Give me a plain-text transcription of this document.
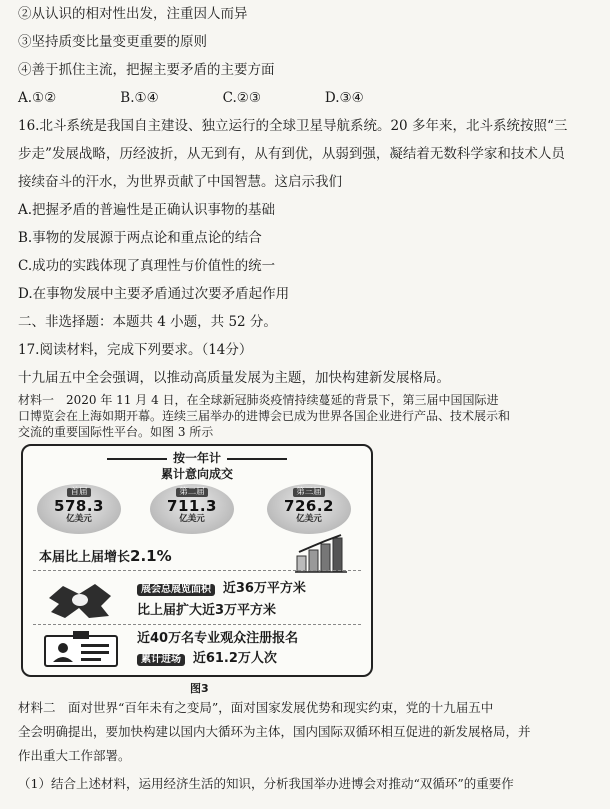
②从认识的相对性出发，注重因人而异
③坚持质变比量变更重要的原则
④善于抓住主流，把握主要矛盾的主要方面
A.①②	B.①④	C.②③	D.③④
16.北斗系统是我国自主建设、独立运行的全球卫星导航系统。20 多年来，北斗系统按照“三
步走”发展战略，历经波折，从无到有，从有到优，从弱到强，凝结着无数科学家和技术人员
接续奋斗的汗水，为世界贡献了中国智慧。这启示我们
A.把握矛盾的普遍性是正确认识事物的基础
B.事物的发展源于两点论和重点论的结合
C.成功的实践体现了真理性与价值性的统一
D.在事物发展中主要矛盾通过次要矛盾起作用
二、非选择题：本题共 4 小题，共 52 分。
17.阅读材料，完成下列要求。（14分）
十九届五中全会强调，以推动高质量发展为主题，加快构建新发展格局。
材料一　2020 年 11 月 4 日，在全球新冠肺炎疫情持续蔓延的背景下，第三届中国国际进
口博览会在上海如期开幕。连续三届举办的进博会已成为世界各国企业进行产品、技术展示和
交流的重要国际性平台。如图 3 所示
按一年计
累计意向成交
首届
578.3
亿美元
第二届
711.3
亿美元
第三届
726.2
亿美元
本届比上届增长2.1%
展会总展览面积 近36万平方米
比上届扩大近3万平方米
近40万名专业观众注册报名
累计进场 近61.2万人次
图3
材料二　面对世界“百年未有之变局”，面对国家发展优势和现实约束，党的十九届五中
全会明确提出，要加快构建以国内大循环为主体，国内国际双循环相互促进的新发展格局，并
作出重大工作部署。
（1）结合上述材料，运用经济生活的知识，分析我国举办进博会对推动“双循环”的重要作
